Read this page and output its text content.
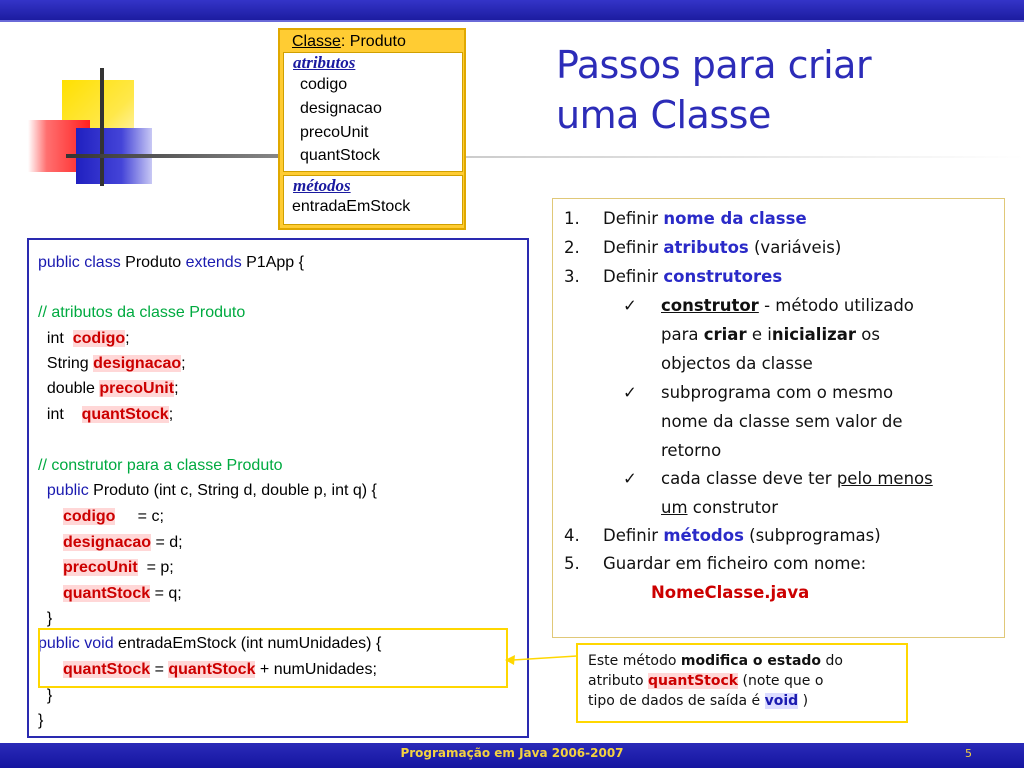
Classe: Produto
atributos
codigo
designacao
precoUnit
quantStock
métodos
entradaEmStock
Passos para criar
uma Classe
1. Definir nome da classe
2. Definir atributos (variáveis)
3. Definir construtores
✓ construtor - método utilizado
para criar e inicializar os
objectos da classe
✓ subprograma com o mesmo
nome da classe sem valor de
retorno
✓ cada classe deve ter pelo menos
um construtor
4. Definir métodos (subprogramas)
5. Guardar em ficheiro com nome:
NomeClasse.java
public class Produto extends P1App {
// atributos da classe Produto
int  codigo;
String designacao;
double precoUnit;
int    quantStock;
// construtor para a classe Produto
public Produto (int c, String d, double p, int q) {
codigo     = c;
designacao = d;
precoUnit  = p;
quantStock = q;
}
public void entradaEmStock (int numUnidades) {
quantStock = quantStock + numUnidades;
}
}
Este método modifica o estado do
atributo quantStock (note que o
tipo de dados de saída é void )
Programação em Java 2006-2007	5
